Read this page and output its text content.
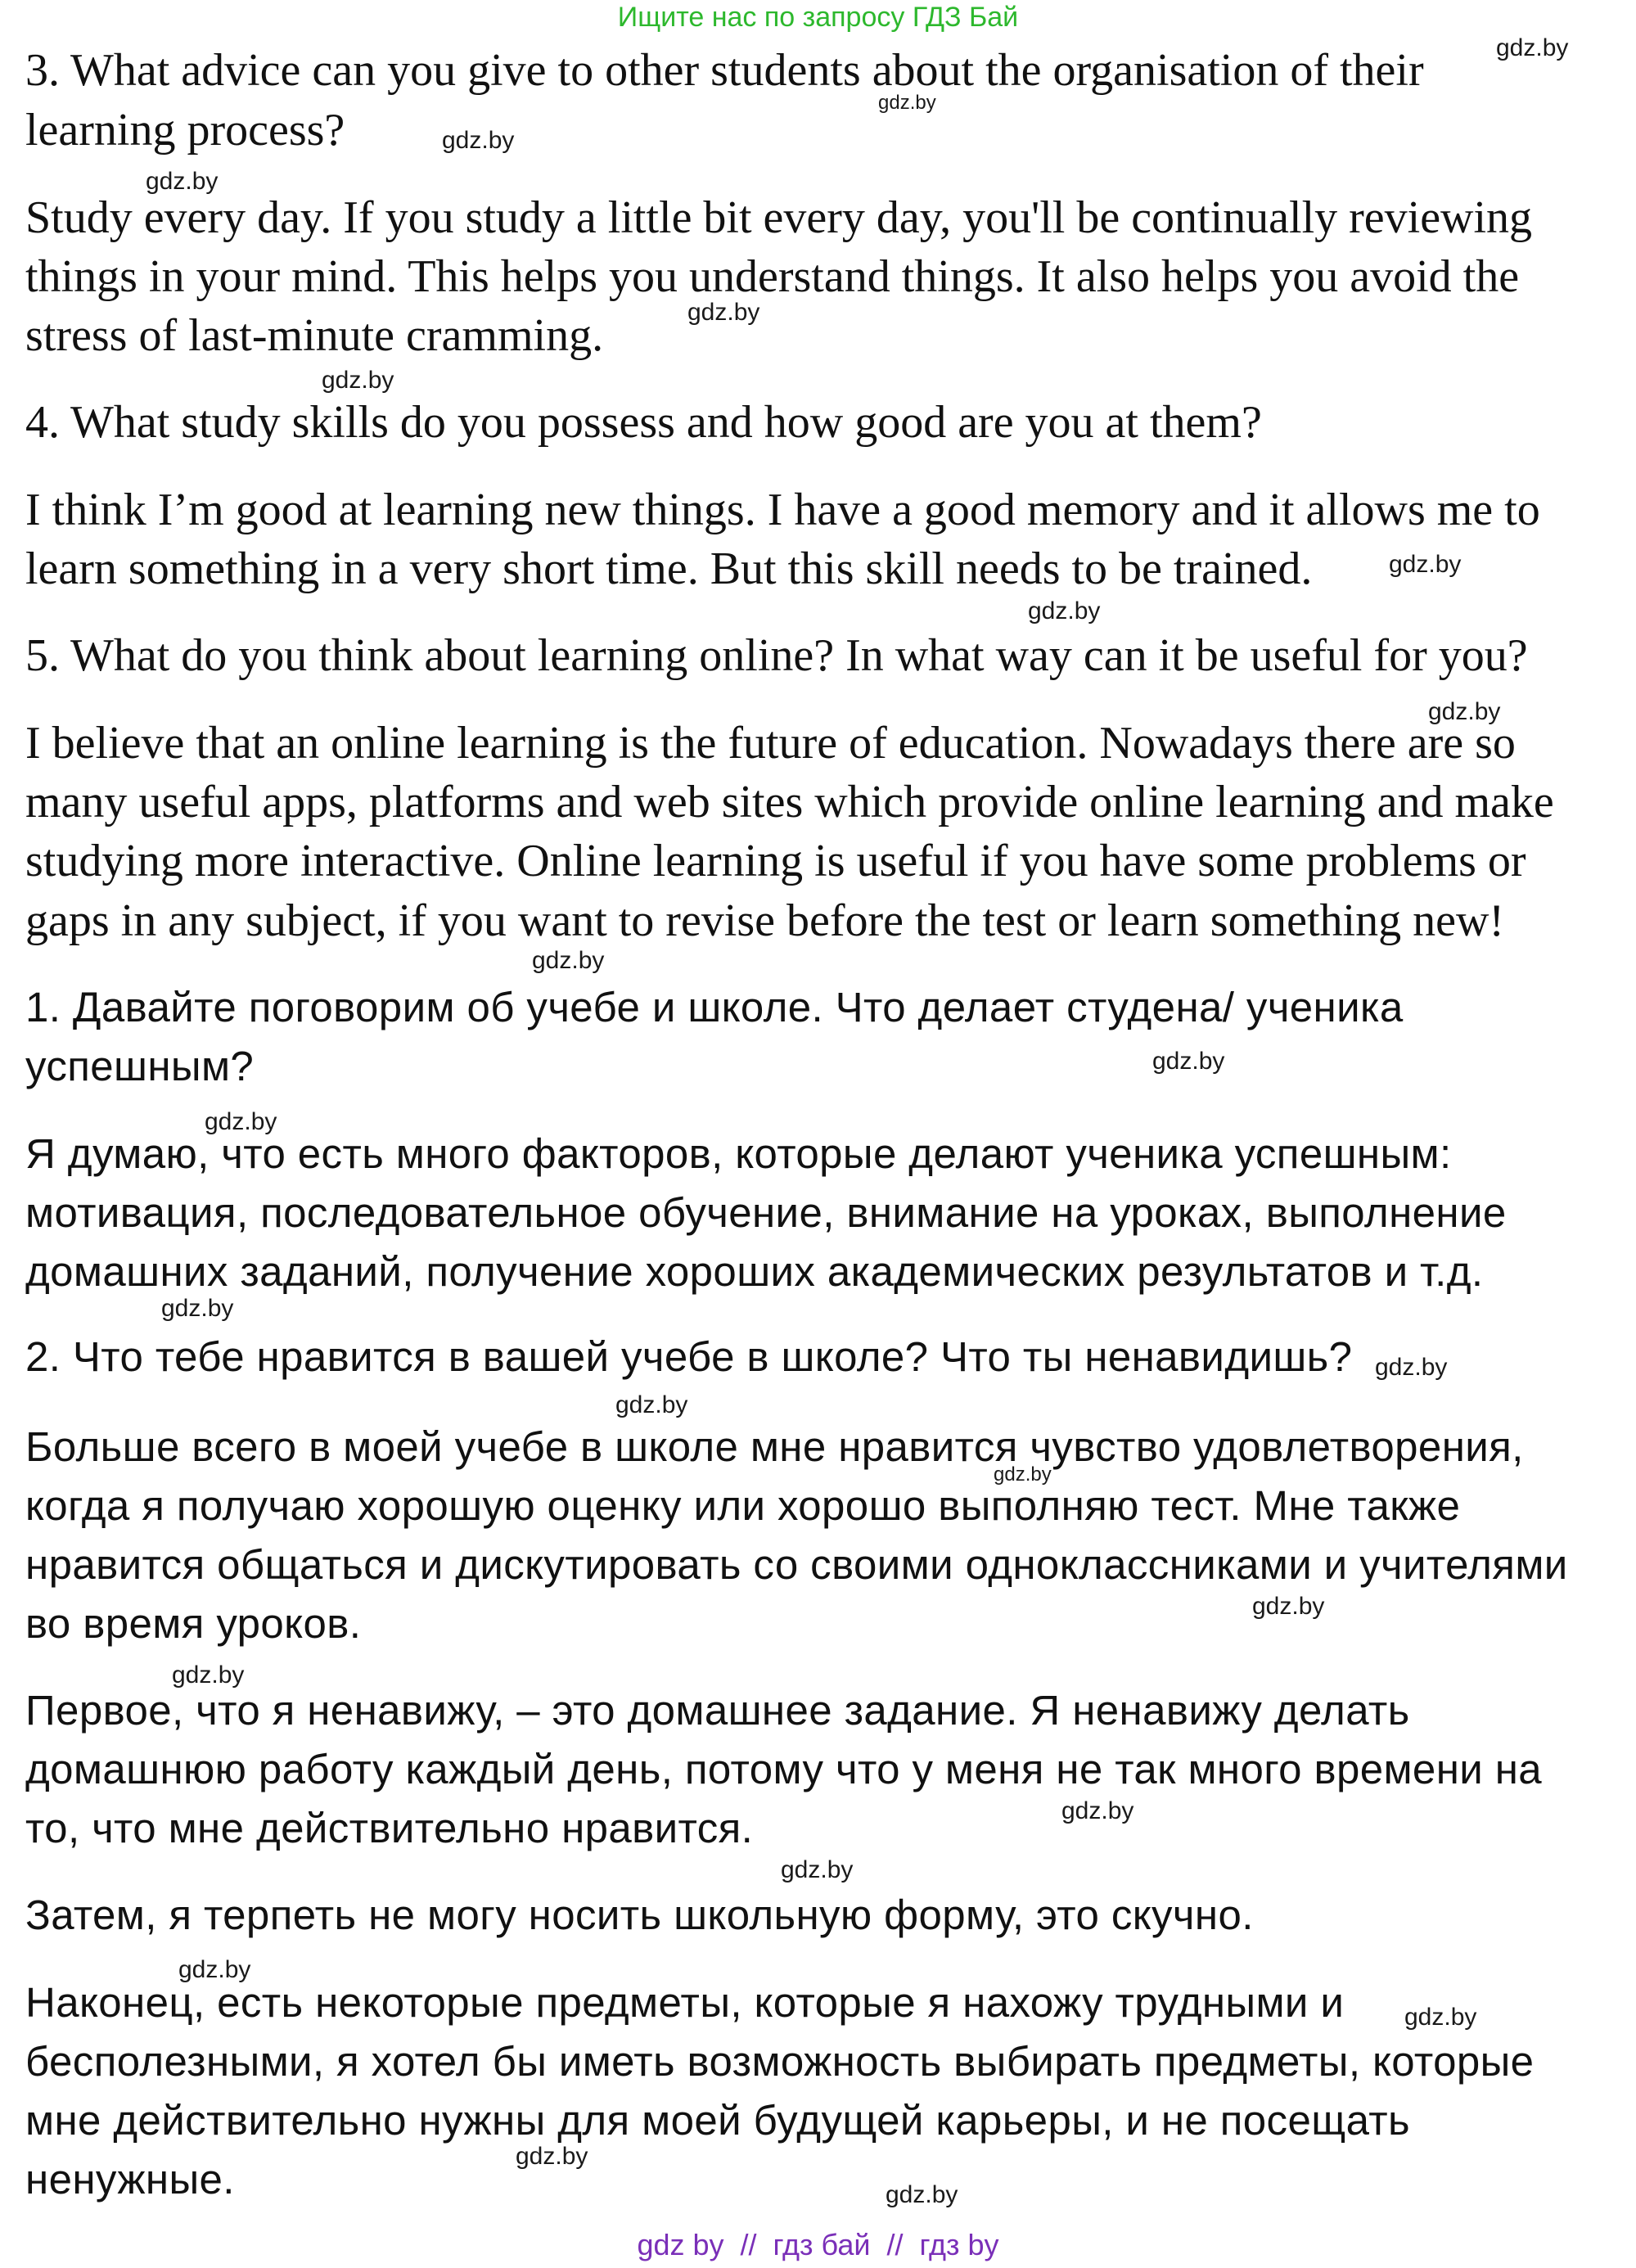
Ищите нас по запросу ГДЗ Бай
3. What advice can you give to other students about the organisation of their
learning process?
Study every day. If you study a little bit every day, you'll be continually reviewing
things in your mind. This helps you understand things. It also helps you avoid the
stress of last-minute cramming.
4. What study skills do you possess and how good are you at them?
I think I’m good at learning new things. I have a good memory and it allows me to
learn something in a very short time. But this skill needs to be trained.
5. What do you think about learning online? In what way can it be useful for you?
I believe that an online learning is the future of education. Nowadays there are so
many useful apps, platforms and web sites which provide online learning and make
studying more interactive. Online learning is useful if you have some problems or
gaps in any subject, if you want to revise before the test or learn something new!
1. Давайте поговорим об учебе и школе. Что делает студена/ ученика
успешным?
Я думаю, что есть много факторов, которые делают ученика успешным:
мотивация, последовательное обучение, внимание на уроках, выполнение
домашних заданий, получение хороших академических результатов и т.д.
2. Что тебе нравится в вашей учебе в школе? Что ты ненавидишь?
Больше всего в моей учебе в школе мне нравится чувство удовлетворения,
когда я получаю хорошую оценку или хорошо выполняю тест. Мне также
нравится общаться и дискутировать со своими одноклассниками и учителями
во время уроков.
Первое, что я ненавижу, – это домашнее задание. Я ненавижу делать
домашнюю работу каждый день, потому что у меня не так много времени на
то, что мне действительно нравится.
Затем, я терпеть не могу носить школьную форму, это скучно.
Наконец, есть некоторые предметы, которые я нахожу трудными и
бесполезными, я хотел бы иметь возможность выбирать предметы, которые
мне действительно нужны для моей будущей карьеры, и не посещать
ненужные.
gdz.by
gdz.by
gdz.by
gdz.by
gdz.by
gdz.by
gdz.by
gdz.by
gdz.by
gdz.by
gdz.by
gdz.by
gdz.by
gdz.by
gdz.by
gdz.by
gdz.by
gdz.by
gdz.by
gdz.by
gdz.by
gdz.by
gdz.by
gdz.by
gdz by  //  гдз бай  //  гдз by
